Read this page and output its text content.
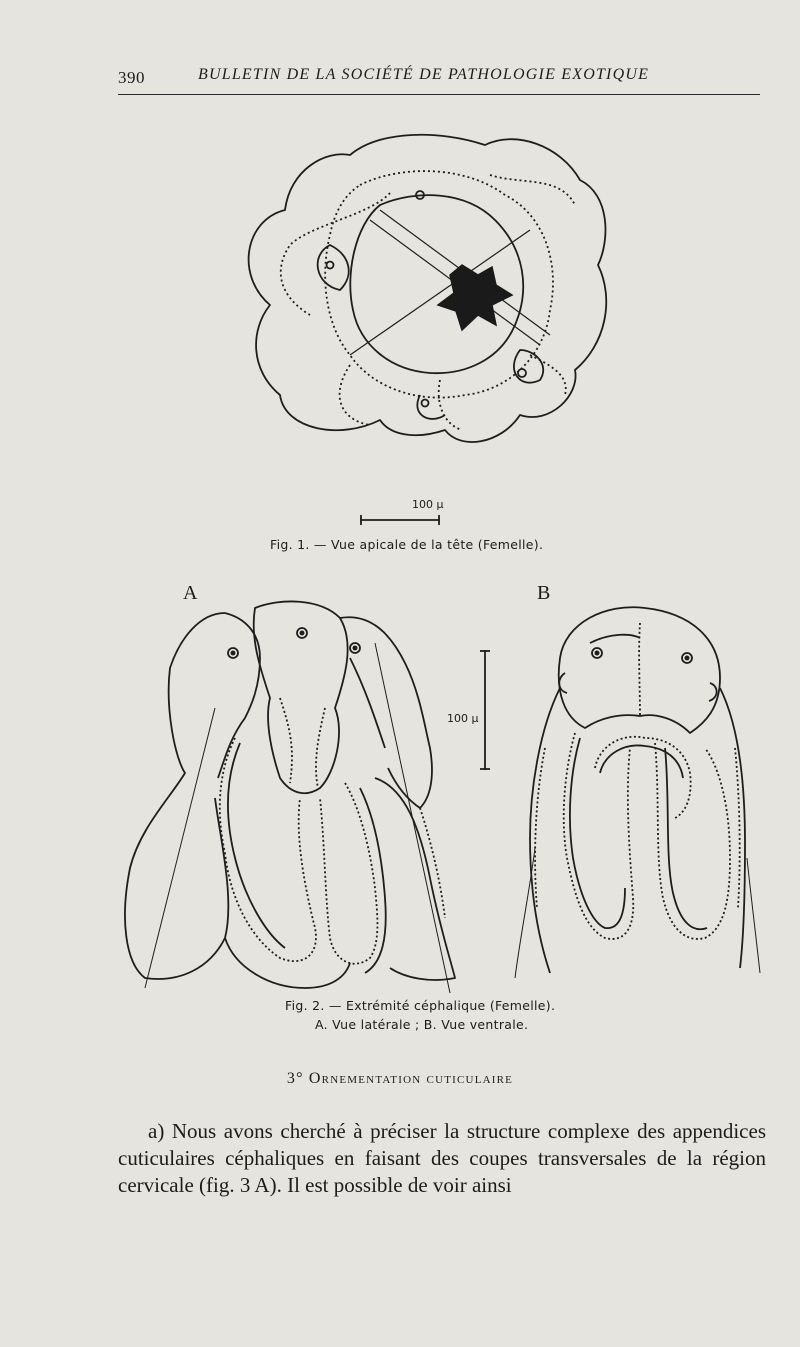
390	BULLETIN DE LA SOCIÉTÉ DE PATHOLOGIE EXOTIQUE
100 µ
Fig. 1. — Vue apicale de la tête (Femelle).
A	B
100 µ
Fig. 2. — Extrémité céphalique (Femelle).
A. Vue latérale ; B. Vue ventrale.
3° Ornementation cuticulaire
a) Nous avons cherché à préciser la structure complexe des appendices cuticulaires céphaliques en faisant des coupes transversales de la région cervicale (fig. 3 A). Il est possible de voir ainsi
